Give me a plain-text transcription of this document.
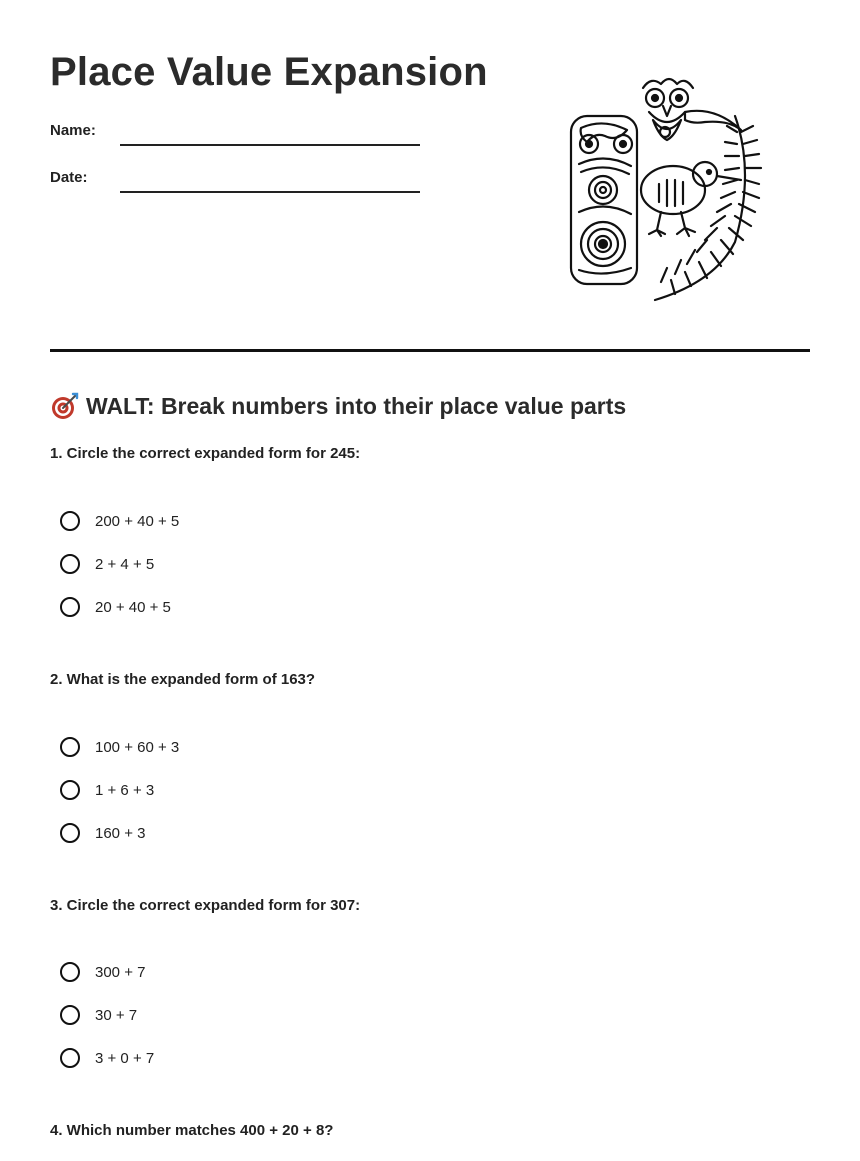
Place Value Expansion
Name:
Date:
WALT: Break numbers into their place value parts
1. Circle the correct expanded form for 245:
200 + 40 + 5
2 + 4 + 5
20 + 40 + 5
2. What is the expanded form of 163?
100 + 60 + 3
1 + 6 + 3
160 + 3
3. Circle the correct expanded form for 307:
300 + 7
30 + 7
3 + 0 + 7
4. Which number matches 400 + 20 + 8?
